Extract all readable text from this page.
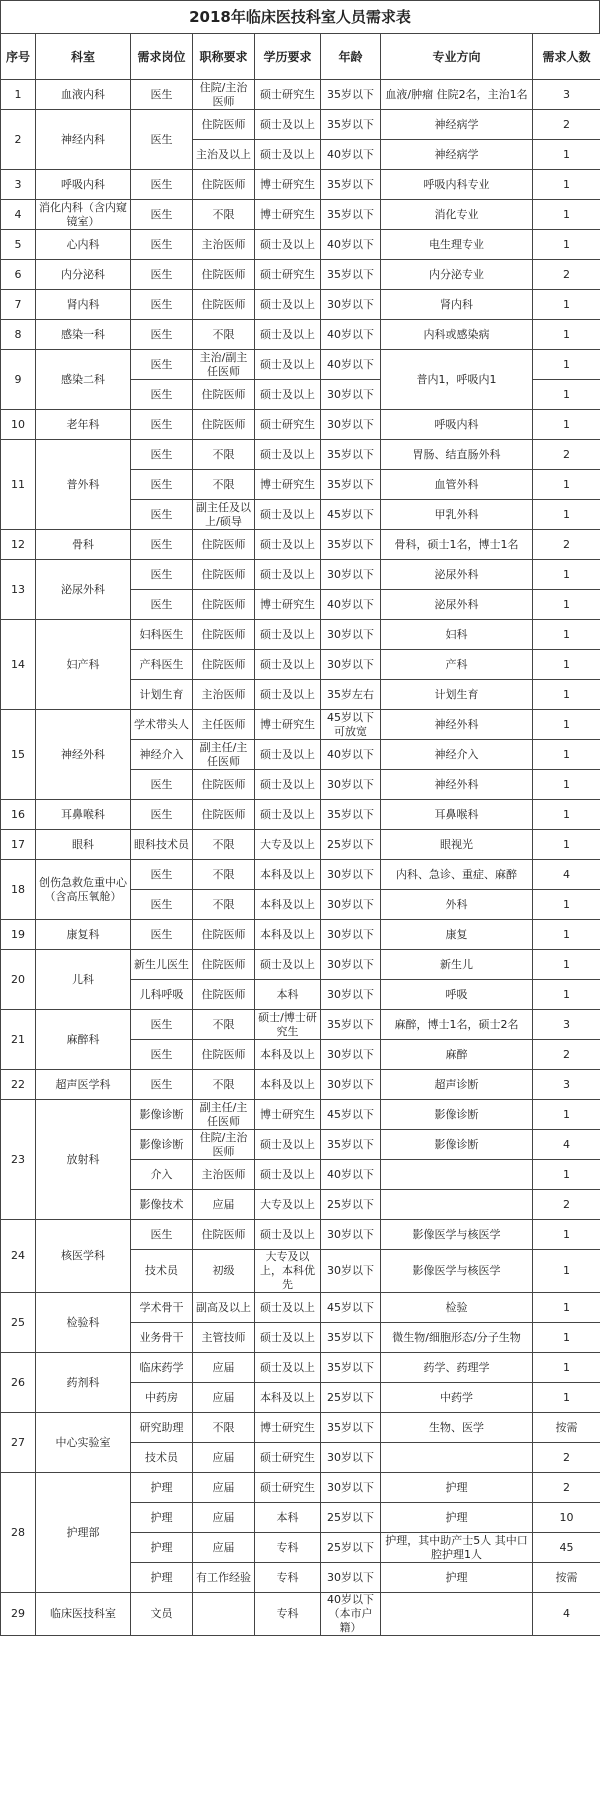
2018年临床医技科室人员需求表
序号	科室	需求岗位	职称要求	学历要求	年龄	专业方向	需求人数
1	血液内科	医生	住院/主治医师	硕士研究生	35岁以下	血液/肿瘤 住院2名，主治1名	3
2	神经内科	医生	住院医师	硕士及以上	35岁以下	神经病学	2
			主治及以上	硕士及以上	40岁以下	神经病学	1
3	呼吸内科	医生	住院医师	博士研究生	35岁以下	呼吸内科专业	1
4	消化内科（含内窥镜室）	医生	不限	博士研究生	35岁以下	消化专业	1
5	心内科	医生	主治医师	硕士及以上	40岁以下	电生理专业	1
6	内分泌科	医生	住院医师	硕士研究生	35岁以下	内分泌专业	2
7	肾内科	医生	住院医师	硕士及以上	30岁以下	肾内科	1
8	感染一科	医生	不限	硕士及以上	40岁以下	内科或感染病	1
9	感染二科	医生	主治/副主任医师	硕士及以上	40岁以下	普内1，呼吸内1	1
		医生	住院医师	硕士及以上	30岁以下		1
10	老年科	医生	住院医师	硕士研究生	30岁以下	呼吸内科	1
11	普外科	医生	不限	硕士及以上	35岁以下	胃肠、结直肠外科	2
		医生	不限	博士研究生	35岁以下	血管外科	1
		医生	副主任及以上/硕导	硕士及以上	45岁以下	甲乳外科	1
12	骨科	医生	住院医师	硕士及以上	35岁以下	骨科，硕士1名，博士1名	2
13	泌尿外科	医生	住院医师	硕士及以上	30岁以下	泌尿外科	1
		医生	住院医师	博士研究生	40岁以下	泌尿外科	1
14	妇产科	妇科医生	住院医师	硕士及以上	30岁以下	妇科	1
		产科医生	住院医师	硕士及以上	30岁以下	产科	1
		计划生育	主治医师	硕士及以上	35岁左右	计划生育	1
15	神经外科	学术带头人	主任医师	博士研究生	45岁以下 可放宽	神经外科	1
		神经介入	副主任/主任医师	硕士及以上	40岁以下	神经介入	1
		医生	住院医师	硕士及以上	30岁以下	神经外科	1
16	耳鼻喉科	医生	住院医师	硕士及以上	35岁以下	耳鼻喉科	1
17	眼科	眼科技术员	不限	大专及以上	25岁以下	眼视光	1
18	创伤急救危重中心（含高压氧舱）	医生	不限	本科及以上	30岁以下	内科、急诊、重症、麻醉	4
		医生	不限	本科及以上	30岁以下	外科	1
19	康复科	医生	住院医师	本科及以上	30岁以下	康复	1
20	儿科	新生儿医生	住院医师	硕士及以上	30岁以下	新生儿	1
		儿科呼吸	住院医师	本科	30岁以下	呼吸	1
21	麻醉科	医生	不限	硕士/博士研究生	35岁以下	麻醉，博士1名，硕士2名	3
		医生	住院医师	本科及以上	30岁以下	麻醉	2
22	超声医学科	医生	不限	本科及以上	30岁以下	超声诊断	3
23	放射科	影像诊断	副主任/主任医师	博士研究生	45岁以下	影像诊断	1
		影像诊断	住院/主治医师	硕士及以上	35岁以下	影像诊断	4
		介入	主治医师	硕士及以上	40岁以下		1
		影像技术	应届	大专及以上	25岁以下		2
24	核医学科	医生	住院医师	硕士及以上	30岁以下	影像医学与核医学	1
		技术员	初级	大专及以上，本科优先	30岁以下	影像医学与核医学	1
25	检验科	学术骨干	副高及以上	硕士及以上	45岁以下	检验	1
		业务骨干	主管技师	硕士及以上	35岁以下	微生物/细胞形态/分子生物	1
26	药剂科	临床药学	应届	硕士及以上	35岁以下	药学、药理学	1
		中药房	应届	本科及以上	25岁以下	中药学	1
27	中心实验室	研究助理	不限	博士研究生	35岁以下	生物、医学	按需
		技术员	应届	硕士研究生	30岁以下		2
28	护理部	护理	应届	硕士研究生	30岁以下	护理	2
		护理	应届	本科	25岁以下	护理	10
		护理	应届	专科	25岁以下	护理，其中助产士5人 其中口腔护理1人	45
		护理	有工作经验	专科	30岁以下	护理	按需
29	临床医技科室	文员		专科	40岁以下（本市户籍）		4
